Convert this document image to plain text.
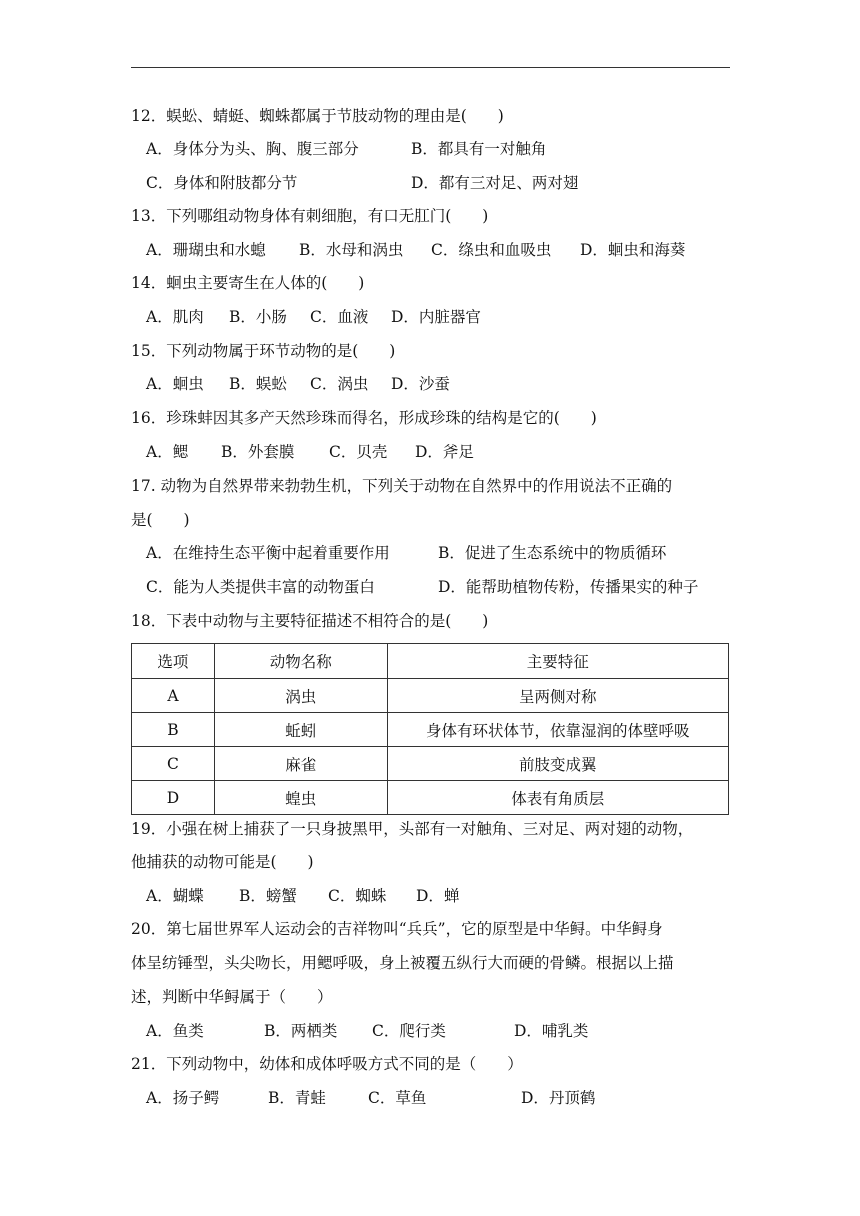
12．蜈蚣、蜻蜓、蜘蛛都属于节肢动物的理由是(　　)
A．身体分为头、胸、腹三部分	B．都具有一对触角
C．身体和附肢都分节	D．都有三对足、两对翅
13．下列哪组动物身体有刺细胞，有口无肛门(　　)
A．珊瑚虫和水螅 B．水母和涡虫 C．绦虫和血吸虫 D．蛔虫和海葵
14．蛔虫主要寄生在人体的(　　)
A．肌肉 B．小肠 C．血液 D．内脏器官
15．下列动物属于环节动物的是(　　)
A．蛔虫 B．蜈蚣 C．涡虫 D．沙蚕
16．珍珠蚌因其多产天然珍珠而得名，形成珍珠的结构是它的(　　)
A．鳃 B．外套膜 C．贝壳 D．斧足
17. 动物为自然界带来勃勃生机，下列关于动物在自然界中的作用说法不正确的
是(　　)
A．在维持生态平衡中起着重要作用	B．促进了生态系统中的物质循环
C．能为人类提供丰富的动物蛋白	D．能帮助植物传粉，传播果实的种子
18．下表中动物与主要特征描述不相符合的是(　　)
选项	动物名称	主要特征
A	涡虫	呈两侧对称
B	蚯蚓	身体有环状体节，依靠湿润的体壁呼吸
C	麻雀	前肢变成翼
D	蝗虫	体表有角质层
19．小强在树上捕获了一只身披黑甲，头部有一对触角、三对足、两对翅的动物，
他捕获的动物可能是(　　)
A．蝴蝶 B．螃蟹 C．蜘蛛 D．蝉
20．第七届世界军人运动会的吉祥物叫“兵兵”，它的原型是中华鲟。中华鲟身
体呈纺锤型，头尖吻长，用鳃呼吸，身上被覆五纵行大而硬的骨鳞。根据以上描
述，判断中华鲟属于（　　）
A．鱼类	B．两栖类 C．爬行类	D．哺乳类
21．下列动物中，幼体和成体呼吸方式不同的是（　　）
A．扬子鳄	B．青蛙	C．草鱼	D．丹顶鹤
